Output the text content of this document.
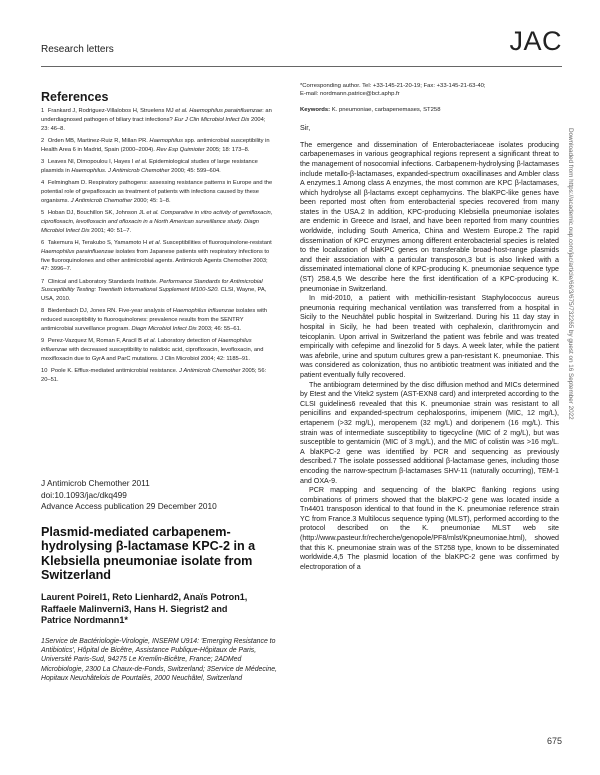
Research letters	JAC
Downloaded from https://academic.oup.com/jac/article/66/3/675/732265 by guest on 16 September 2022
References

1 Frankard J, Rodriguez-Villalobos H, Struelens MJ et al. Haemophilus parainfluenzae: an underdiagnosed pathogen of biliary tract infections? Eur J Clin Microbiol Infect Dis 2004; 23: 46–8.

2 Orden MB, Martinez-Ruiz R, Millan PR. Haemophilus spp. antimicrobial susceptibility in Health Area 6 in Madrid, Spain (2000–2004). Rev Esp Quimioter 2005; 18: 173–8.

3 Leaves NI, Dimopoulou I, Hayes I et al. Epidemiological studies of large resistance plasmids in Haemophilus. J Antimicrob Chemother 2000; 45: 599–604.

4 Felmingham D. Respiratory pathogens: assessing resistance patterns in Europe and the potential role of grepafloxacin as treatment of patients with infections caused by these organisms. J Antimicrob Chemother 2000; 45: 1–8.

5 Hoban DJ, Bouchillon SK, Johnson JL et al. Comparative in vitro activity of gemifloxacin, ciprofloxacin, levofloxacin and ofloxacin in a North American surveillance study. Diagn Microbiol Infect Dis 2001; 40: 51–7.

6 Takemura H, Terakubo S, Yamamoto H et al. Susceptibilities of fluoroquinolone-resistant Haemophilus parainfluenzae isolates from Japanese patients with respiratory infections to five fluoroquinolones and other antimicrobial agents. Antimicrob Agents Chemother 2003; 47: 3996–7.

7 Clinical and Laboratory Standards Institute. Performance Standards for Antimicrobial Susceptibility Testing: Twentieth Informational Supplement M100-S20. CLSI, Wayne, PA, USA, 2010.

8 Biedenbach DJ, Jones RN. Five-year analysis of Haemophilus influenzae isolates with reduced susceptibility to fluoroquinolones: prevalence results from the SENTRY antimicrobial surveillance program. Diagn Microbiol Infect Dis 2003; 46: 55–61.

9 Perez-Vazquez M, Roman F, Aracil B et al. Laboratory detection of Haemophilus influenzae with decreased susceptibility to nalidixic acid, ciprofloxacin, levofloxacin, and moxifloxacin due to GyrA and ParC mutations. J Clin Microbiol 2004; 42: 1185–91.

10 Poole K. Efflux-mediated antimicrobial resistance. J Antimicrob Chemother 2005; 56: 20–51.

J Antimicrob Chemother 2011
doi:10.1093/jac/dkq499
Advance Access publication 29 December 2010
Plasmid-mediated carbapenem-hydrolysing β-lactamase KPC-2 in a Klebsiella pneumoniae isolate from Switzerland
Laurent Poirel1, Reto Lienhard2, Anaïs Potron1,
Raffaele Malinverni3, Hans H. Siegrist2 and
Patrice Nordmann1*
1Service de Bactériologie-Virologie, INSERM U914: 'Emerging Resistance to Antibiotics', Hôpital de Bicêtre, Assistance Publique-Hôpitaux de Paris, Université Paris-Sud, 94275 Le Kremlin-Bicêtre, France; 2ADMed Microbiologie, 2300 La Chaux-de-Fonds, Switzerland; 3Service de Médecine, Hopitaux Neuchâtelois de Pourtalès, 2000 Neuchâtel, Switzerland

*Corresponding author. Tel: +33-145-21-20-19; Fax: +33-145-21-63-40;

E-mail: nordmann.patrice@bct.aphp.fr

Keywords: K. pneumoniae, carbapenemases, ST258

Sir,

The emergence and dissemination of Enterobacteriaceae isolates producing carbapenemases in various geographical regions represent a significant threat to the management of nosocomial infections. Carbapenem-hydrolysing β-lactamases include metallo-β-lactamases, expanded-spectrum oxacillinases and Ambler class A enzymes.1 Among class A enzymes, the most common are KPC β-lactamases, which hydrolyse all β-lactams except cephamycins. The blaKPC-like genes have been reported most often from enterobacterial species recovered from many states in the USA.2 In addition, KPC-producing Klebsiella pneumoniae isolates are endemic in Greece and Israel, and have been reported from many countries worldwide, including South America, China and Western Europe.2 The rapid dissemination of KPC enzymes among different enterobacterial species is related to the localization of blaKPC genes on transferable broad-host-range plasmids and their association with a particular transposon,3 but is also linked with a disseminated international clone of KPC-producing K. pneumoniae sequence type (ST) 258.4,5 We describe here the first identification of a KPC-producing K. pneumoniae in Switzerland.

In mid-2010, a patient with methicillin-resistant Staphylococcus aureus pneumonia requiring mechanical ventilation was transferred from a hospital in Sicily to the Neuchâtel public hospital in Switzerland. During his 11 day stay in hospital in Sicily, he had been treated with cephalexin, clarithromycin and teicoplanin. Upon arrival in Switzerland the patient was febrile and was treated empirically with cefepime and linezolid for 5 days. A week later, while the patient was afebrile, urine and sputum cultures grew a pan-resistant K. pneumoniae. This was considered as colonization, thus no antibiotic treatment was initiated and the patient eventually fully recovered.

The antibiogram determined by the disc diffusion method and MICs determined by Etest and the Vitek2 system (AST-EXN8 card) and interpreted according to the CLSI guidelines6 revealed that this K. pneumoniae strain was resistant to all penicillins and expanded-spectrum cephalosporins, imipenem (MIC, 12 mg/L), ertapenem (>32 mg/L), meropenem (32 mg/L) and doripenem (16 mg/L). This strain was of intermediate susceptibility to tigecycline (MIC of 2 mg/L), but was susceptible to gentamicin (MIC of 3 mg/L), and the MIC of colistin was >16 mg/L. A blaKPC-2 gene was identified by PCR and sequencing as previously described.7 The isolate possessed additional β-lactamase genes, including those encoding the narrow-spectrum β-lactamases SHV-11 (naturally occurring), TEM-1 and OXA-9.

PCR mapping and sequencing of the blaKPC flanking regions using combinations of primers showed that the blaKPC-2 gene was located inside a Tn4401 transposon identical to that found in the K. pneumoniae reference strain YC from France.3 Multilocus sequence typing (MLST), performed according to the protocol described on the K. pneumoniae MLST web site (http://www.pasteur.fr/recherche/genopole/PF8/mlst/Kpneumoniae.html), showed that this K. pneumoniae strain was of the ST258 type, known to be disseminated worldwide.4,5 The plasmid location of the blaKPC-2 gene was confirmed by electroporation of a

675
